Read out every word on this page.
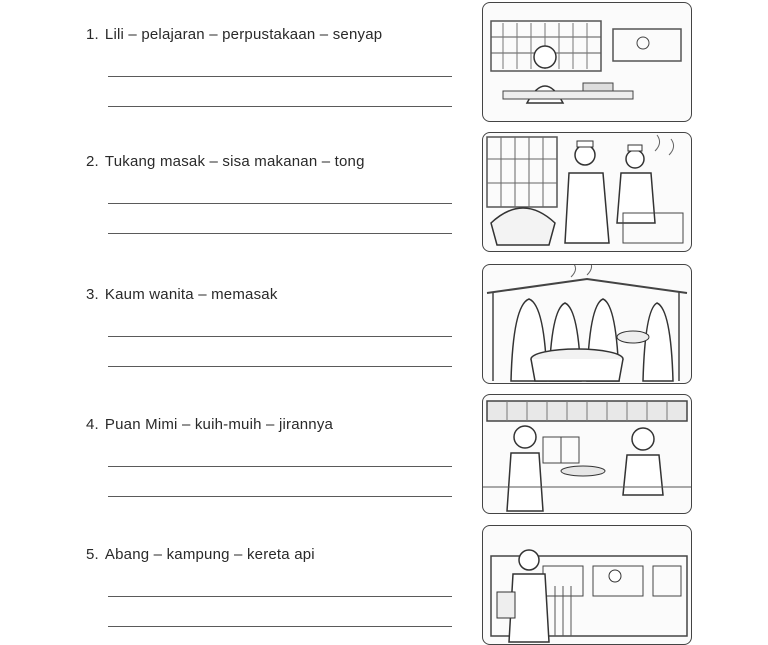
1. Lili – pelajaran – perpustakaan – senyap
2. Tukang masak – sisa makanan – tong
3. Kaum wanita – memasak
4. Puan Mimi – kuih-muih – jirannya
5. Abang – kampung – kereta api
